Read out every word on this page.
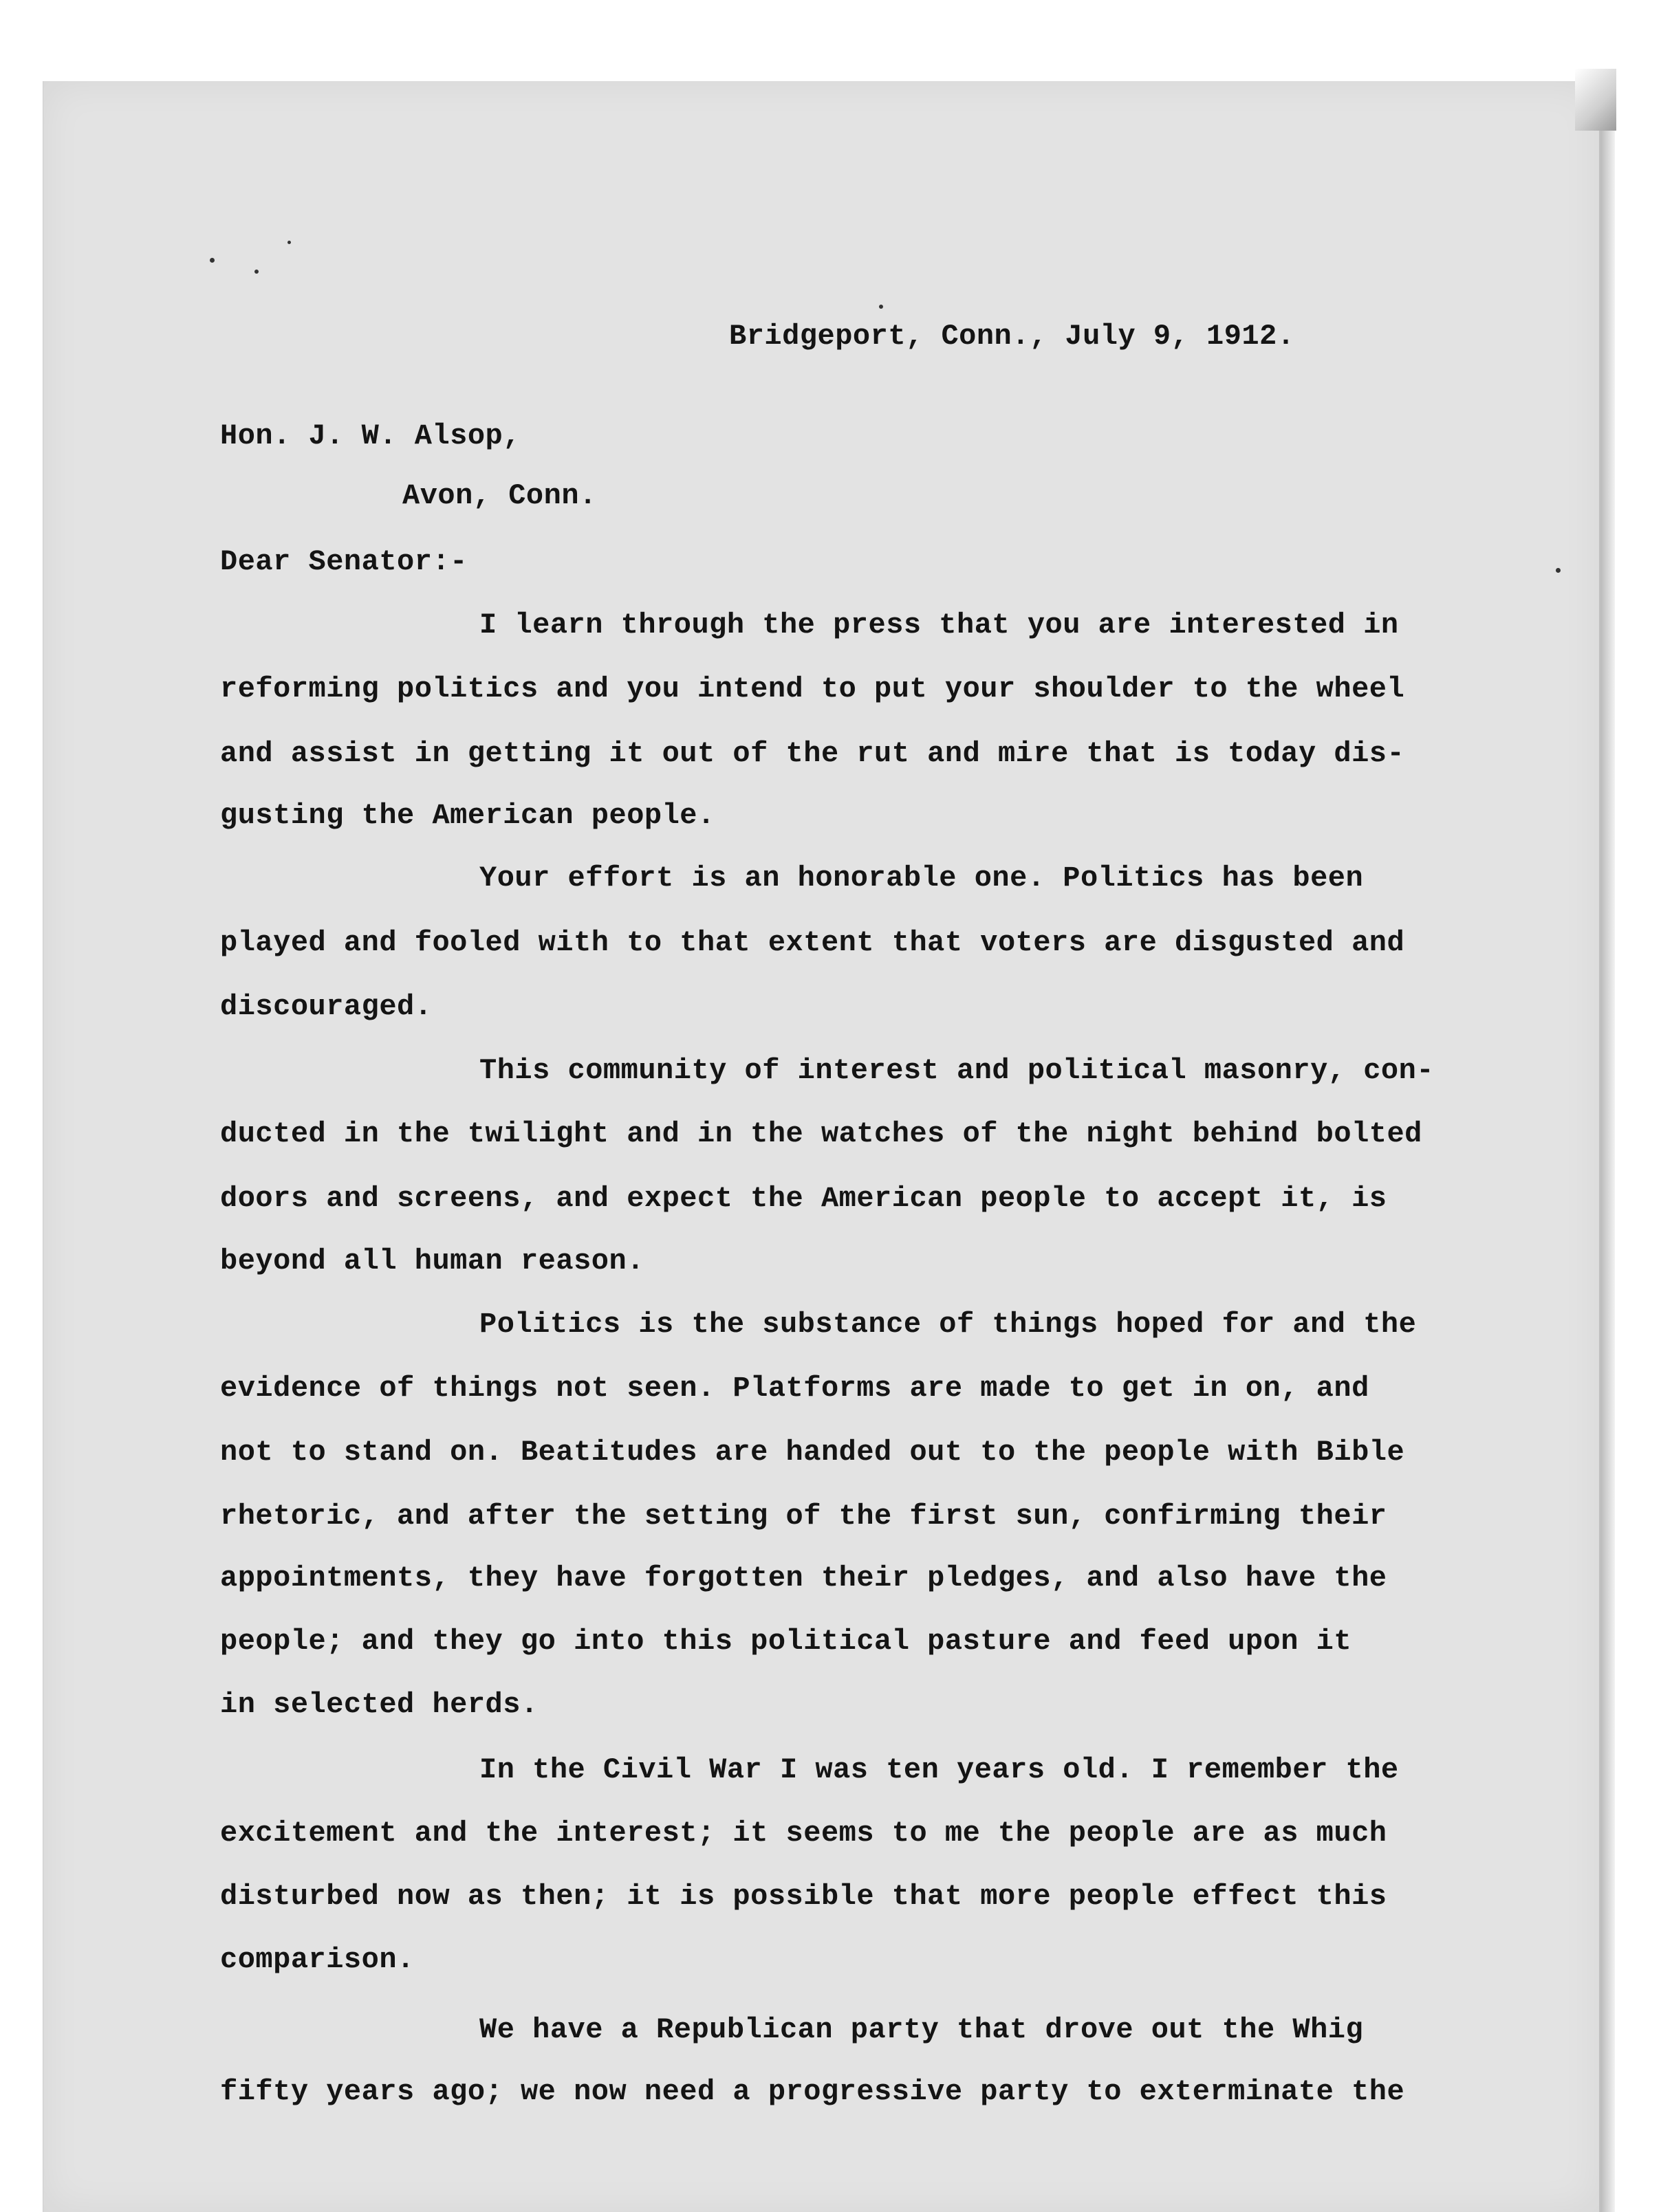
Bridgeport, Conn., July 9, 1912.

Hon. J. W. Alsop,

Avon, Conn.

Dear Senator:-

I learn through the press that you are interested in

reforming politics and you intend to put your shoulder to the wheel

and assist in getting it out of the rut and mire that is today dis-

gusting the American people.

Your effort is an honorable one. Politics has been

played and fooled with to that extent that voters are disgusted and

discouraged.

This community of interest and political masonry, con-

ducted in the twilight and in the watches of the night behind bolted

doors and screens, and expect the American people to accept it, is

beyond all human reason.

Politics is the substance of things hoped for and the

evidence of things not seen. Platforms are made to get in on, and

not to stand on. Beatitudes are handed out to the people with Bible

rhetoric, and after the setting of the first sun, confirming their

appointments, they have forgotten their pledges, and also have the

people; and they go into this political pasture and feed upon it

in selected herds.

In the Civil War I was ten years old. I remember the

excitement and the interest; it seems to me the people are as much

disturbed now as then; it is possible that more people effect this

comparison.

We have a Republican party that drove out the Whig

fifty years ago; we now need a progressive party to exterminate the
